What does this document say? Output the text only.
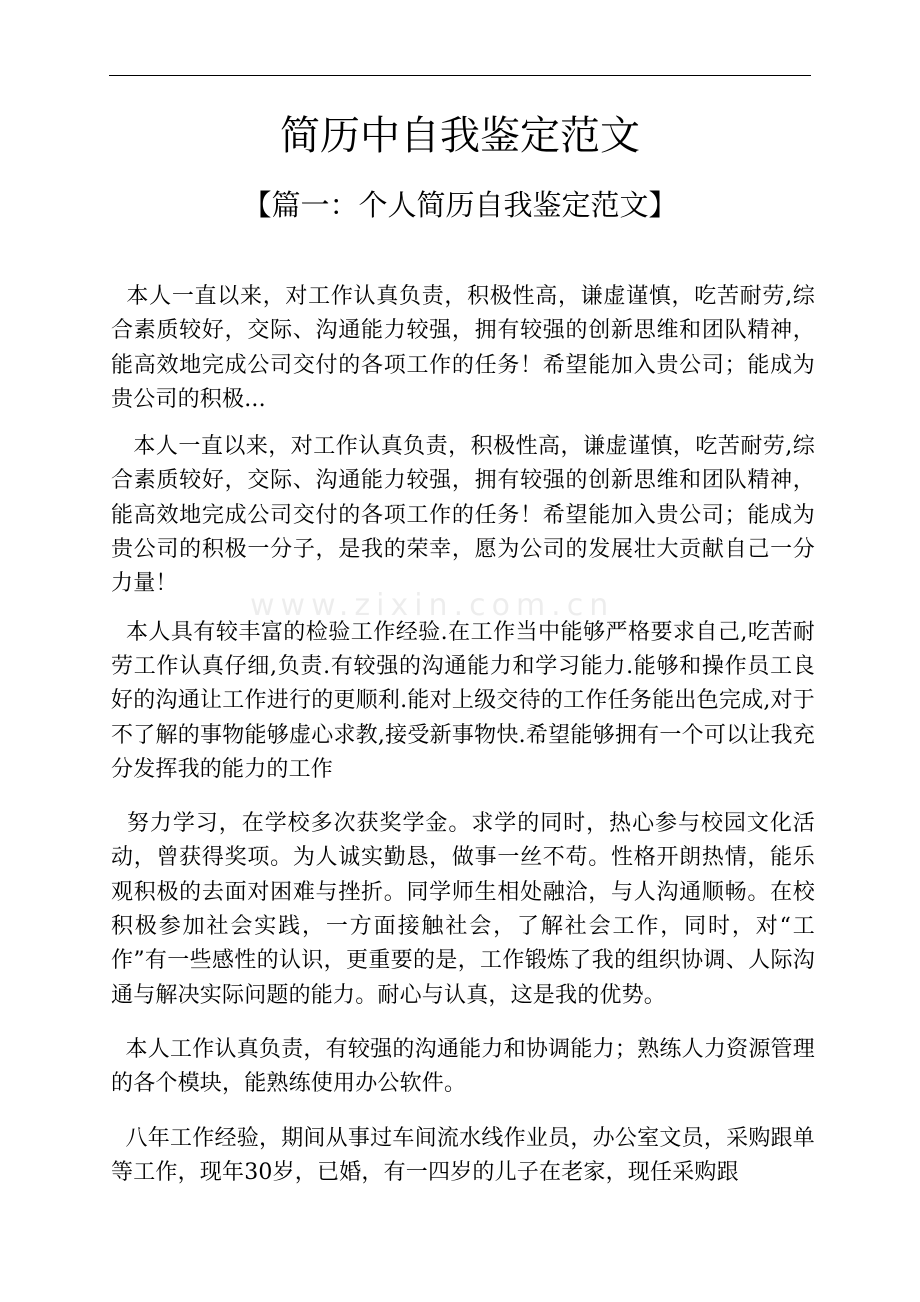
简历中自我鉴定范文
【篇一：个人简历自我鉴定范文】

本人一直以来，对工作认真负责，积极性高，谦虚谨慎，吃苦耐劳,综合素质较好，交际、沟通能力较强，拥有较强的创新思维和团队精神，能高效地完成公司交付的各项工作的任务！希望能加入贵公司；能成为贵公司的积极...

本人一直以来，对工作认真负责，积极性高，谦虚谨慎，吃苦耐劳,综合素质较好，交际、沟通能力较强，拥有较强的创新思维和团队精神，能高效地完成公司交付的各项工作的任务！希望能加入贵公司；能成为贵公司的积极一分子，是我的荣幸，愿为公司的发展壮大贡献自己一分力量！

本人具有较丰富的检验工作经验.在工作当中能够严格要求自己,吃苦耐劳工作认真仔细,负责.有较强的沟通能力和学习能力.能够和操作员工良好的沟通让工作进行的更顺利.能对上级交待的工作任务能出色完成,对于不了解的事物能够虚心求教,接受新事物快.希望能够拥有一个可以让我充分发挥我的能力的工作

努力学习，在学校多次获奖学金。求学的同时，热心参与校园文化活动，曾获得奖项。为人诚实勤恳，做事一丝不苟。性格开朗热情，能乐观积极的去面对困难与挫折。同学师生相处融洽，与人沟通顺畅。在校积极参加社会实践，一方面接触社会，了解社会工作，同时，对“工作”有一些感性的认识，更重要的是，工作锻炼了我的组织协调、人际沟通与解决实际问题的能力。耐心与认真，这是我的优势。

本人工作认真负责，有较强的沟通能力和协调能力；熟练人力资源管理的各个模块，能熟练使用办公软件。

八年工作经验，期间从事过车间流水线作业员，办公室文员，采购跟单等工作，现年30岁，已婚，有一四岁的儿子在老家，现任采购跟

www.zixin.com.cn
